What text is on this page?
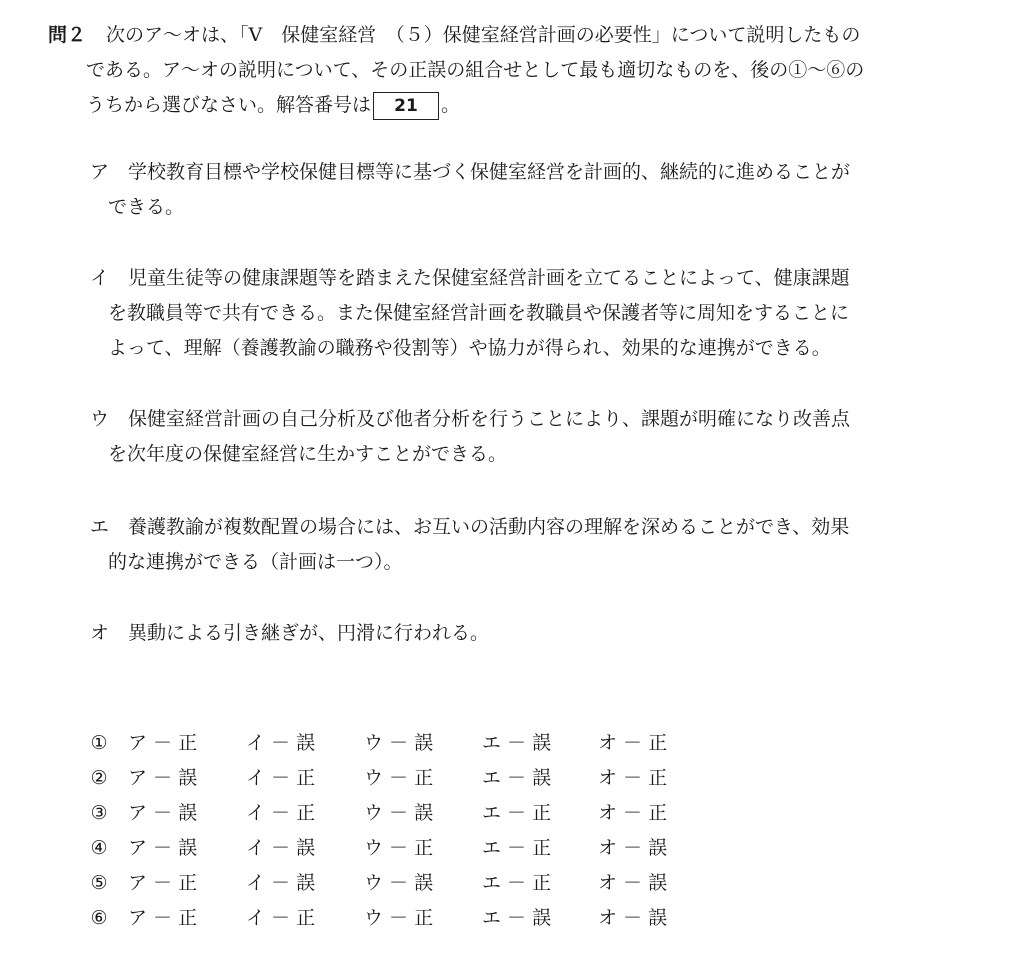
問２ 次のア～オは、「Ⅴ　保健室経営　（５）保健室経営計画の必要性」について説明したもの
である。ア～オの説明について、その正誤の組合せとして最も適切なものを、後の①～⑥の
うちから選びなさい。解答番号は 21 。
ア 学校教育目標や学校保健目標等に基づく保健室経営を計画的、継続的に進めることが
できる。
イ 児童生徒等の健康課題等を踏まえた保健室経営計画を立てることによって、健康課題
を教職員等で共有できる。また保健室経営計画を教職員や保護者等に周知をすることに
よって、理解（養護教諭の職務や役割等）や協力が得られ、効果的な連携ができる。
ウ 保健室経営計画の自己分析及び他者分析を行うことにより、課題が明確になり改善点
を次年度の保健室経営に生かすことができる。
エ 養護教諭が複数配置の場合には、お互いの活動内容の理解を深めることができ、効果
的な連携ができる（計画は一つ）。
オ 異動による引き継ぎが、円滑に行われる。
① ア － 正	イ － 誤	ウ － 誤	エ － 誤 オ － 正
② ア － 誤	イ － 正	ウ － 正	エ － 誤 オ － 正
③ ア － 誤	イ － 正	ウ － 誤	エ － 正 オ － 正
④ ア － 誤	イ － 誤	ウ － 正	エ － 正 オ － 誤
⑤ ア － 正	イ － 誤	ウ － 誤	エ － 正 オ － 誤
⑥ ア － 正	イ － 正	ウ － 正	エ － 誤 オ － 誤
